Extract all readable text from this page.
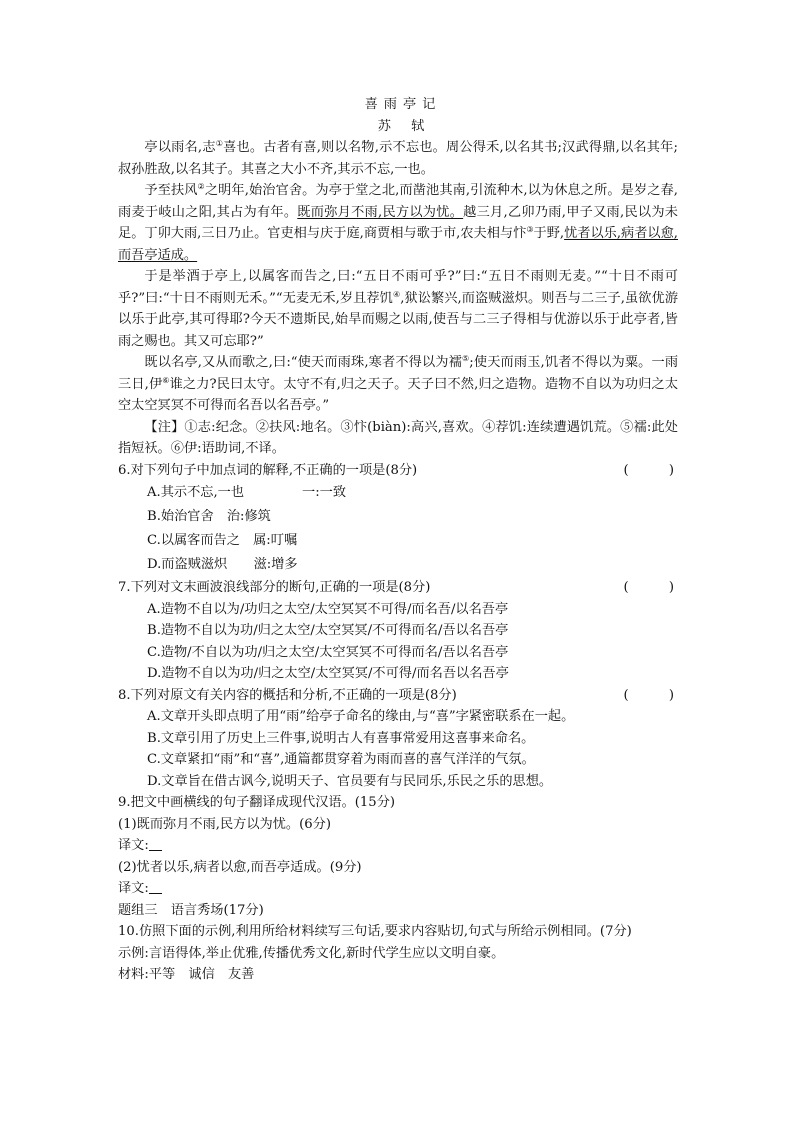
喜雨亭记
苏 轼

亭以雨名,志①喜也。古者有喜,则以名物,示不忘也。周公得禾,以名其书;汉武得鼎,以名其年;叔孙胜敌,以名其子。其喜之大小不齐,其示不忘,一也。

予至扶风②之明年,始治官舍。为亭于堂之北,而凿池其南,引流种木,以为休息之所。是岁之春,雨麦于岐山之阳,其占为有年。既而弥月不雨,民方以为忧。越三月,乙卯乃雨,甲子又雨,民以为未足。丁卯大雨,三日乃止。官吏相与庆于庭,商贾相与歌于市,农夫相与忭③于野,忧者以乐,病者以愈,而吾亭适成。

于是举酒于亭上,以属客而告之,曰:“五日不雨可乎?”曰:“五日不雨则无麦。”“十日不雨可乎?”曰:“十日不雨则无禾。”“无麦无禾,岁且荐饥④,狱讼繁兴,而盗贼滋炽。则吾与二三子,虽欲优游以乐于此亭,其可得耶?今天不遗斯民,始旱而赐之以雨,使吾与二三子得相与优游以乐于此亭者,皆雨之赐也。其又可忘耶?”

既以名亭,又从而歌之,曰:“使天而雨珠,寒者不得以为襦⑤;使天而雨玉,饥者不得以为粟。一雨三日,伊⑥谁之力?民曰太守。太守不有,归之天子。天子曰不然,归之造物。造物不自以为功归之太空太空冥冥不可得而名吾以名吾亭。”

【注】①志:纪念。②扶风:地名。③忭(biàn):高兴,喜欢。④荐饥:连续遭遇饥荒。⑤襦:此处指短袄。⑥伊:语助词,不译。

6.对下列句子中加点词的解释,不正确的一项是(8分)	( )
A.其示不忘,一也	一:一致
B.始治官舍　治:修筑
C.以属客而告之　属:叮嘱
D.而盗贼滋炽　　滋:增多
7.下列对文末画波浪线部分的断句,正确的一项是(8分)	( )
A.造物不自以为/功归之太空/太空冥冥不可得/而名吾/以名吾亭
B.造物不自以为功/归之太空/太空冥冥/不可得而名/吾以名吾亭
C.造物/不自以为功/归之太空/太空冥冥不可得而名/吾以名吾亭
D.造物不自以为功/归之太空/太空冥冥/不可得/而名吾以名吾亭
8.下列对原文有关内容的概括和分析,不正确的一项是(8分)	( )
A.文章开头即点明了用“雨”给亭子命名的缘由,与“喜”字紧密联系在一起。
B.文章引用了历史上三件事,说明古人有喜事常爱用这喜事来命名。
C.文章紧扣“雨”和“喜”,通篇都贯穿着为雨而喜的喜气洋洋的气氛。
D.文章旨在借古讽今,说明天子、官员要有与民同乐,乐民之乐的思想。
9.把文中画横线的句子翻译成现代汉语。(15分)
(1)既而弥月不雨,民方以为忧。(6分)
译文:
(2)忧者以乐,病者以愈,而吾亭适成。(9分)
译文:
题组三　语言秀场(17分)

10.仿照下面的示例,利用所给材料续写三句话,要求内容贴切,句式与所给示例相同。(7分)

示例:言语得体,举止优雅,传播优秀文化,新时代学生应以文明自豪。
材料:平等　诚信　友善
